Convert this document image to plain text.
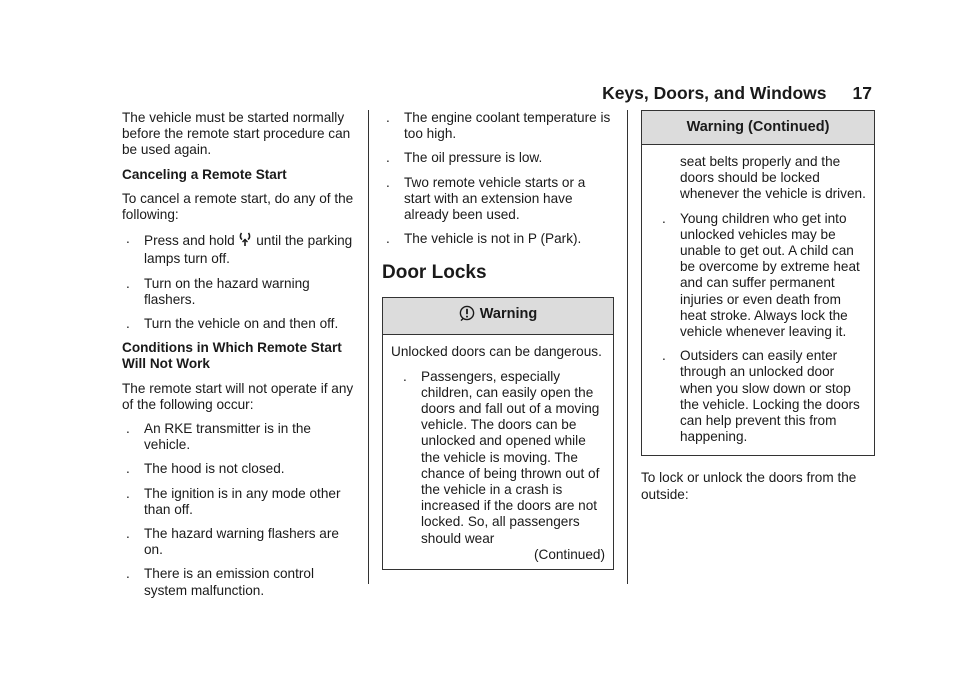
Keys, Doors, and Windows 17

The vehicle must be started normally before the remote start procedure can be used again.

Canceling a Remote Start

To cancel a remote start, do any of the following:

. Press and hold until the parking lamps turn off.
. Turn on the hazard warning flashers.
. Turn the vehicle on and then off.

Conditions in Which Remote Start Will Not Work

The remote start will not operate if any of the following occur:

. An RKE transmitter is in the vehicle.
. The hood is not closed.
. The ignition is in any mode other than off.
. The hazard warning flashers are on.
. There is an emission control system malfunction.
. The engine coolant temperature is too high.
. The oil pressure is low.
. Two remote vehicle starts or a start with an extension have already been used.
. The vehicle is not in P (Park).
Door Locks
Warning

Unlocked doors can be dangerous.

. Passengers, especially children, can easily open the doors and fall out of a moving vehicle. The doors can be unlocked and opened while the vehicle is moving. The chance of being thrown out of the vehicle in a crash is increased if the doors are not locked. So, all passengers should wear

(Continued)

Warning (Continued)
seat belts properly and the doors should be locked whenever the vehicle is driven.
. Young children who get into unlocked vehicles may be unable to get out. A child can be overcome by extreme heat and can suffer permanent injuries or even death from heat stroke. Always lock the vehicle whenever leaving it.
. Outsiders can easily enter through an unlocked door when you slow down or stop the vehicle. Locking the doors can help prevent this from happening.

To lock or unlock the doors from the outside:
